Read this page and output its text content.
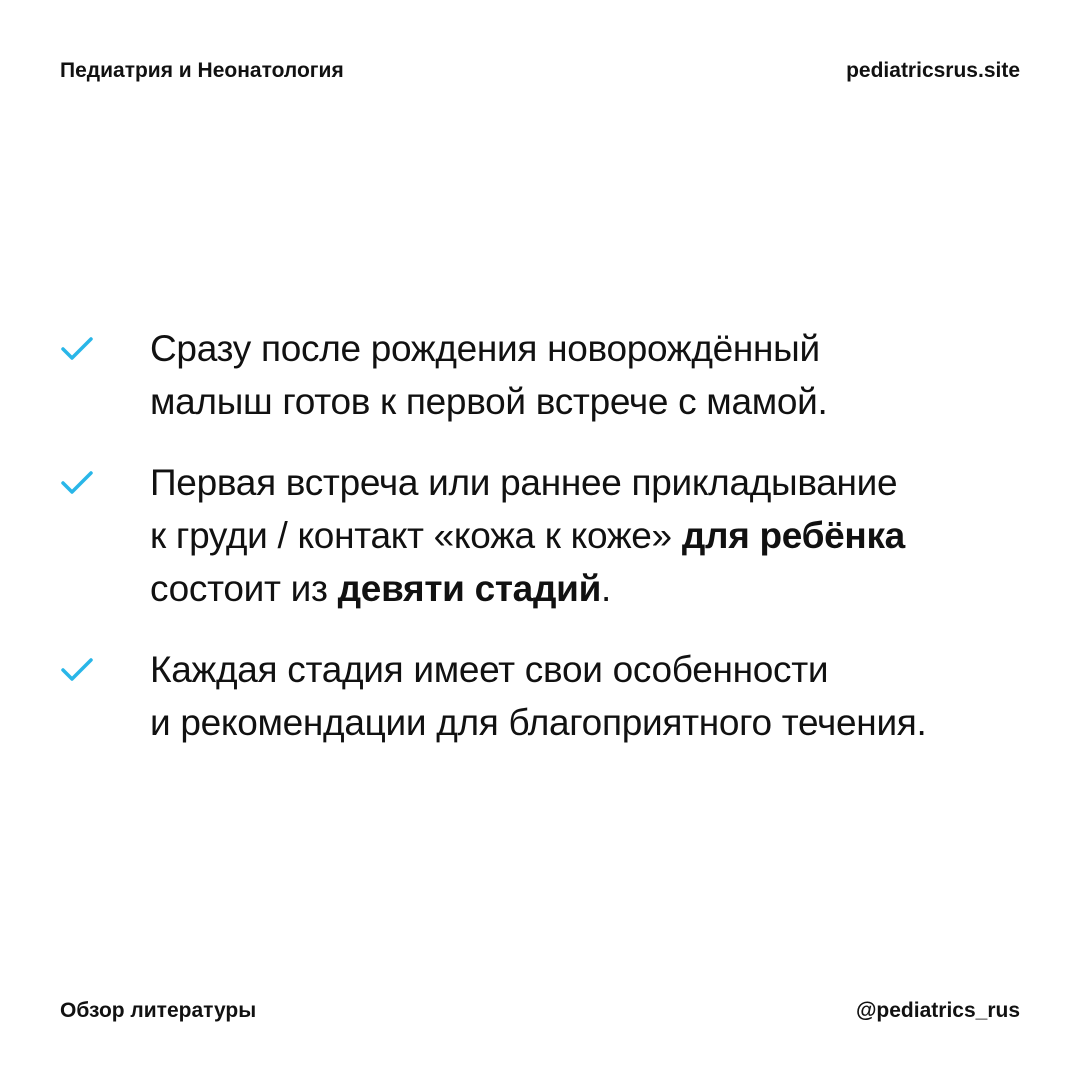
Педиатрия и Неонатология	pediatricsrus.site
Сразу после рождения новорождённый
малыш готов к первой встрече с мамой.
Первая встреча или раннее прикладывание
к груди / контакт «кожа к коже» для ребёнка
состоит из девяти стадий.
Каждая стадия имеет свои особенности
и рекомендации для благоприятного течения.
Обзор литературы	@pediatrics_rus
